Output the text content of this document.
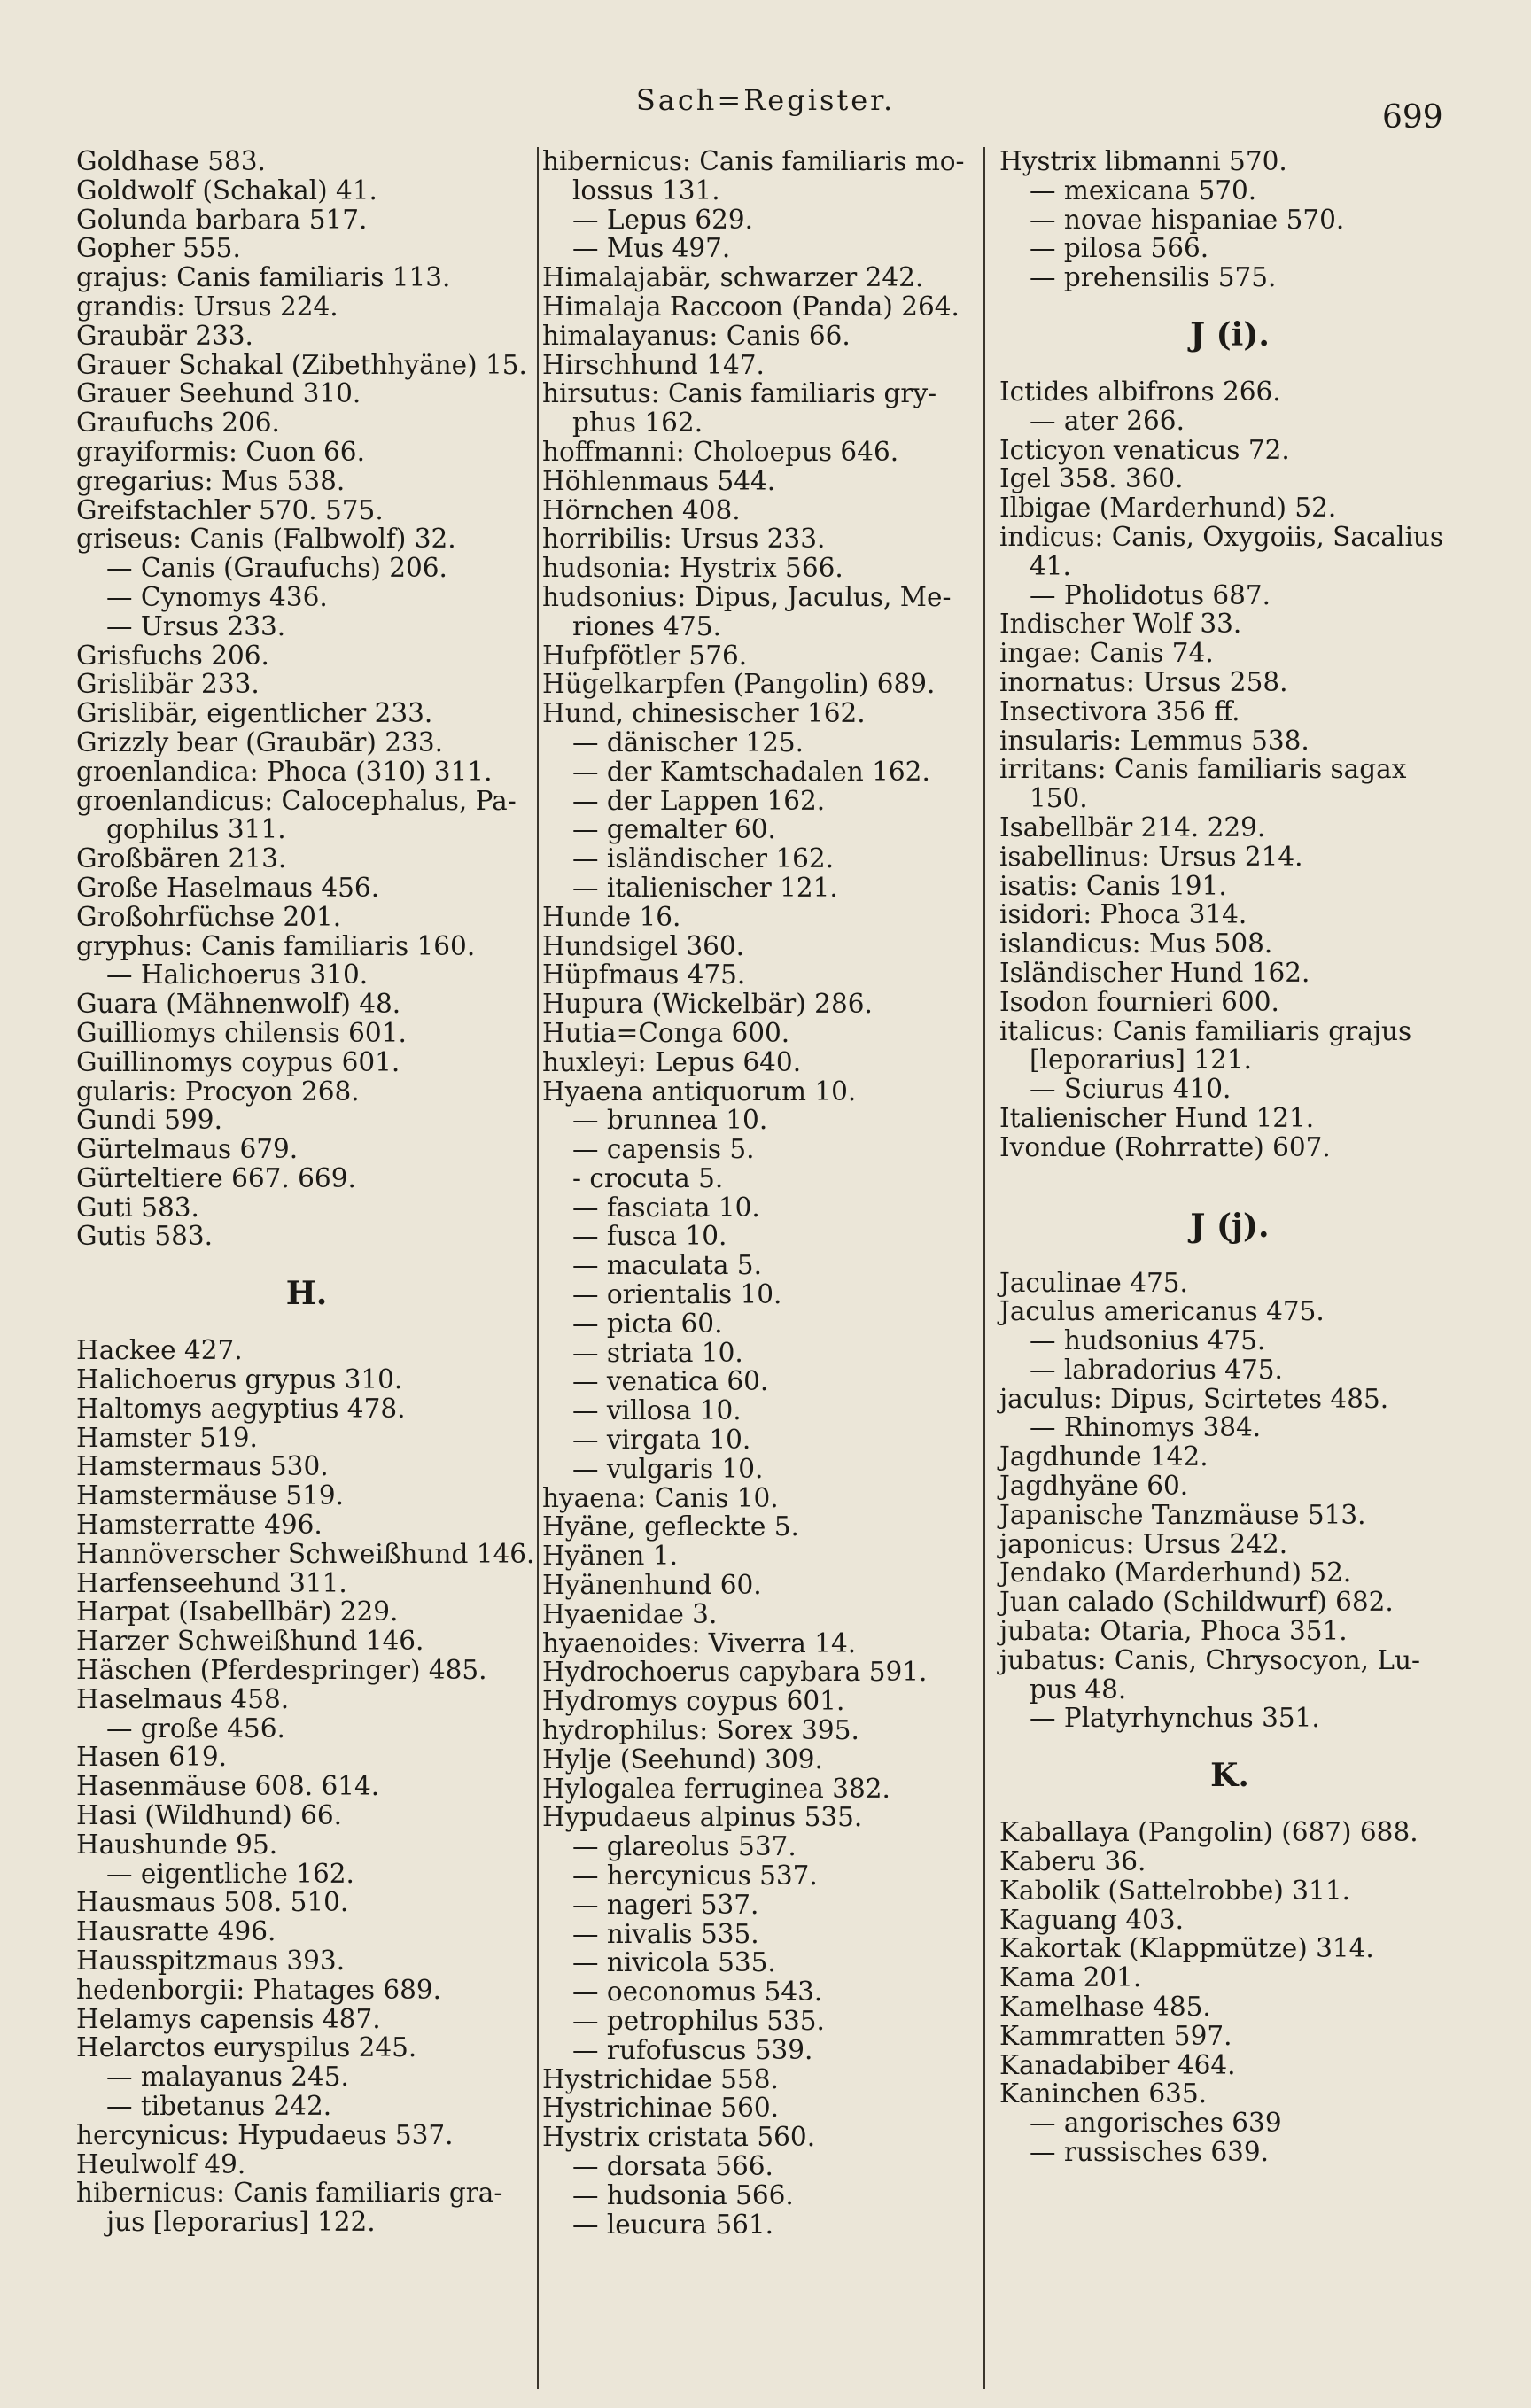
Sach=Register.	699
Goldhase 583.
Goldwolf (Schakal) 41.
Golunda barbara 517.
Gopher 555.
grajus: Canis familiaris 113.
grandis: Ursus 224.
Graubär 233.
Grauer Schakal (Zibethhyäne) 15.
Grauer Seehund 310.
Graufuchs 206.
grayiformis: Cuon 66.
gregarius: Mus 538.
Greifstachler 570. 575.
griseus: Canis (Falbwolf) 32.
— Canis (Graufuchs) 206.
— Cynomys 436.
— Ursus 233.
Grisfuchs 206.
Grislibär 233.
Grislibär, eigentlicher 233.
Grizzly bear (Graubär) 233.
groenlandica: Phoca (310) 311.
groenlandicus: Calocephalus, Pa-
gophilus 311.
Großbären 213.
Große Haselmaus 456.
Großohrfüchse 201.
gryphus: Canis familiaris 160.
— Halichoerus 310.
Guara (Mähnenwolf) 48.
Guilliomys chilensis 601.
Guillinomys coypus 601.
gularis: Procyon 268.
Gundi 599.
Gürtelmaus 679.
Gürteltiere 667. 669.
Guti 583.
Gutis 583.
H.
Hackee 427.
Halichoerus grypus 310.
Haltomys aegyptius 478.
Hamster 519.
Hamstermaus 530.
Hamstermäuse 519.
Hamsterratte 496.
Hannöverscher Schweißhund 146.
Harfenseehund 311.
Harpat (Isabellbär) 229.
Harzer Schweißhund 146.
Häschen (Pferdespringer) 485.
Haselmaus 458.
— große 456.
Hasen 619.
Hasenmäuse 608. 614.
Hasi (Wildhund) 66.
Haushunde 95.
— eigentliche 162.
Hausmaus 508. 510.
Hausratte 496.
Hausspitzmaus 393.
hedenborgii: Phatages 689.
Helamys capensis 487.
Helarctos euryspilus 245.
— malayanus 245.
— tibetanus 242.
hercynicus: Hypudaeus 537.
Heulwolf 49.
hibernicus: Canis familiaris gra-
jus [leporarius] 122.
hibernicus: Canis familiaris mo-
lossus 131.
— Lepus 629.
— Mus 497.
Himalajabär, schwarzer 242.
Himalaja Raccoon (Panda) 264.
himalayanus: Canis 66.
Hirschhund 147.
hirsutus: Canis familiaris gry-
phus 162.
hoffmanni: Choloepus 646.
Höhlenmaus 544.
Hörnchen 408.
horribilis: Ursus 233.
hudsonia: Hystrix 566.
hudsonius: Dipus, Jaculus, Me-
riones 475.
Hufpfötler 576.
Hügelkarpfen (Pangolin) 689.
Hund, chinesischer 162.
— dänischer 125.
— der Kamtschadalen 162.
— der Lappen 162.
— gemalter 60.
— isländischer 162.
— italienischer 121.
Hunde 16.
Hundsigel 360.
Hüpfmaus 475.
Hupura (Wickelbär) 286.
Hutia=Conga 600.
huxleyi: Lepus 640.
Hyaena antiquorum 10.
— brunnea 10.
— capensis 5.
- crocuta 5.
— fasciata 10.
— fusca 10.
— maculata 5.
— orientalis 10.
— picta 60.
— striata 10.
— venatica 60.
— villosa 10.
— virgata 10.
— vulgaris 10.
hyaena: Canis 10.
Hyäne, gefleckte 5.
Hyänen 1.
Hyänenhund 60.
Hyaenidae 3.
hyaenoides: Viverra 14.
Hydrochoerus capybara 591.
Hydromys coypus 601.
hydrophilus: Sorex 395.
Hylje (Seehund) 309.
Hylogalea ferruginea 382.
Hypudaeus alpinus 535.
— glareolus 537.
— hercynicus 537.
— nageri 537.
— nivalis 535.
— nivicola 535.
— oeconomus 543.
— petrophilus 535.
— rufofuscus 539.
Hystrichidae 558.
Hystrichinae 560.
Hystrix cristata 560.
— dorsata 566.
— hudsonia 566.
— leucura 561.
Hystrix libmanni 570.
— mexicana 570.
— novae hispaniae 570.
— pilosa 566.
— prehensilis 575.
J (i).
Ictides albifrons 266.
— ater 266.
Icticyon venaticus 72.
Igel 358. 360.
Ilbigae (Marderhund) 52.
indicus: Canis, Oxygoiis, Sacalius
41.
— Pholidotus 687.
Indischer Wolf 33.
ingae: Canis 74.
inornatus: Ursus 258.
Insectivora 356 ff.
insularis: Lemmus 538.
irritans: Canis familiaris sagax
150.
Isabellbär 214. 229.
isabellinus: Ursus 214.
isatis: Canis 191.
isidori: Phoca 314.
islandicus: Mus 508.
Isländischer Hund 162.
Isodon fournieri 600.
italicus: Canis familiaris grajus
[leporarius] 121.
— Sciurus 410.
Italienischer Hund 121.
Ivondue (Rohrratte) 607.
J (j).
Jaculinae 475.
Jaculus americanus 475.
— hudsonius 475.
— labradorius 475.
jaculus: Dipus, Scirtetes 485.
— Rhinomys 384.
Jagdhunde 142.
Jagdhyäne 60.
Japanische Tanzmäuse 513.
japonicus: Ursus 242.
Jendako (Marderhund) 52.
Juan calado (Schildwurf) 682.
jubata: Otaria, Phoca 351.
jubatus: Canis, Chrysocyon, Lu-
pus 48.
— Platyrhynchus 351.
K.
Kaballaya (Pangolin) (687) 688.
Kaberu 36.
Kabolik (Sattelrobbe) 311.
Kaguang 403.
Kakortak (Klappmütze) 314.
Kama 201.
Kamelhase 485.
Kammratten 597.
Kanadabiber 464.
Kaninchen 635.
— angorisches 639
— russisches 639.
